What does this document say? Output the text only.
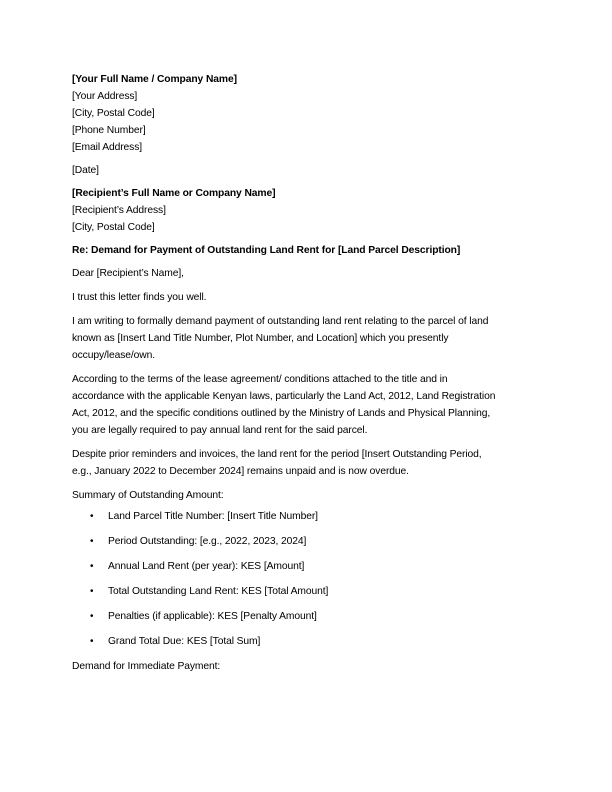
[Your Full Name / Company Name]
[Your Address]
[City, Postal Code]
[Phone Number]
[Email Address]
[Date]
[Recipient’s Full Name or Company Name]
[Recipient’s Address]
[City, Postal Code]
Re: Demand for Payment of Outstanding Land Rent for [Land Parcel Description]
Dear [Recipient’s Name],
I trust this letter finds you well.
I am writing to formally demand payment of outstanding land rent relating to the parcel of land
known as [Insert Land Title Number, Plot Number, and Location] which you presently
occupy/lease/own.
According to the terms of the lease agreement/ conditions attached to the title and in
accordance with the applicable Kenyan laws, particularly the Land Act, 2012, Land Registration
Act, 2012, and the specific conditions outlined by the Ministry of Lands and Physical Planning,
you are legally required to pay annual land rent for the said parcel.
Despite prior reminders and invoices, the land rent for the period [Insert Outstanding Period,
e.g., January 2022 to December 2024] remains unpaid and is now overdue.
Summary of Outstanding Amount:
• Land Parcel Title Number: [Insert Title Number]
• Period Outstanding: [e.g., 2022, 2023, 2024]
• Annual Land Rent (per year): KES [Amount]
• Total Outstanding Land Rent: KES [Total Amount]
• Penalties (if applicable): KES [Penalty Amount]
• Grand Total Due: KES [Total Sum]
Demand for Immediate Payment:
